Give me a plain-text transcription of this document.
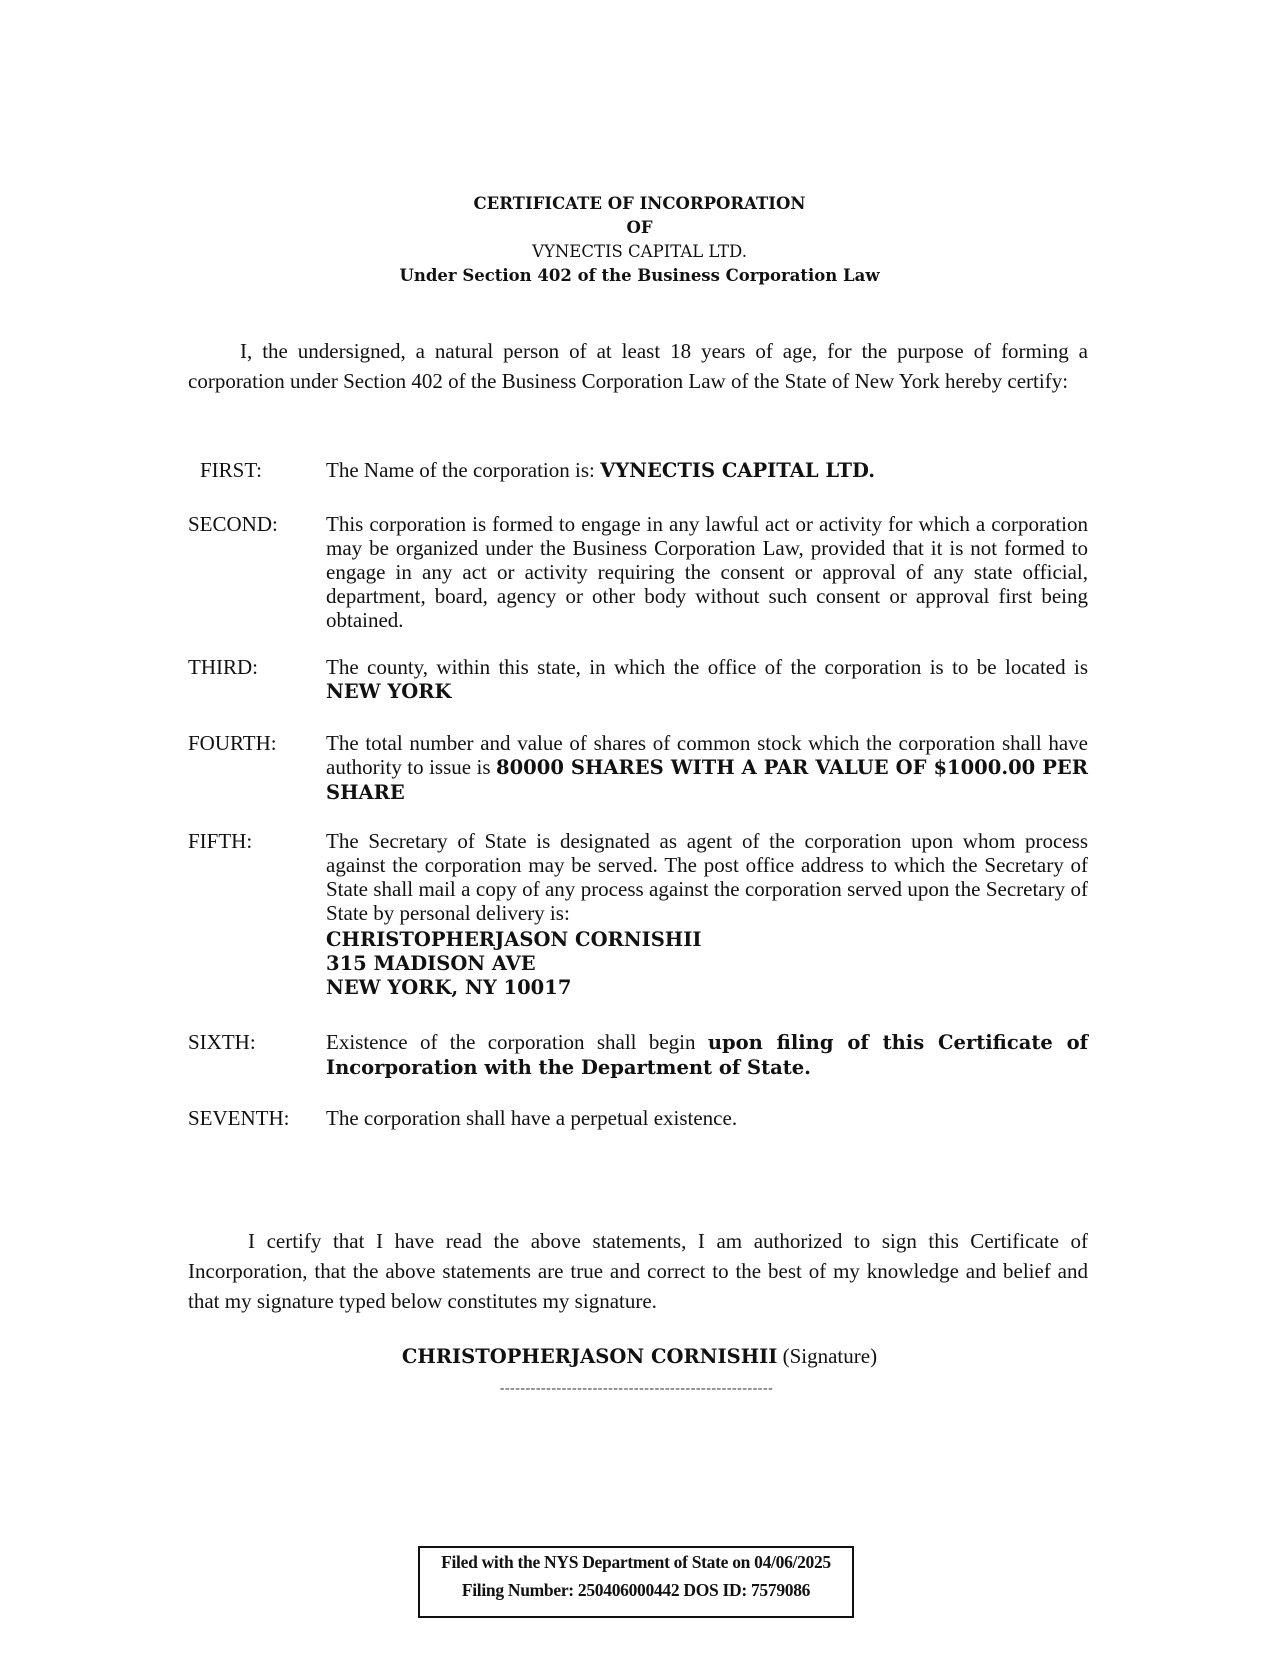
CERTIFICATE OF INCORPORATION
OF
VYNECTIS CAPITAL LTD.
Under Section 402 of the Business Corporation Law
I, the undersigned, a natural person of at least 18 years of age, for the purpose of forming a corporation under Section 402 of the Business Corporation Law of the State of New York hereby certify:
FIRST:	The Name of the corporation is: VYNECTIS CAPITAL LTD.
SECOND: This corporation is formed to engage in any lawful act or activity for which a corporation may be organized under the Business Corporation Law, provided that it is not formed to engage in any act or activity requiring the consent or approval of any state official, department, board, agency or other body without such consent or approval first being obtained.
THIRD:	The county, within this state, in which the office of the corporation is to be located is NEW YORK
FOURTH: The total number and value of shares of common stock which the corporation shall have authority to issue is 80000 SHARES WITH A PAR VALUE OF $1000.00 PER SHARE
FIFTH:	The Secretary of State is designated as agent of the corporation upon whom process against the corporation may be served. The post office address to which the Secretary of State shall mail a copy of any process against the corporation served upon the Secretary of State by personal delivery is:
CHRISTOPHERJASON CORNISHII
315 MADISON AVE
NEW YORK, NY 10017
SIXTH:	Existence of the corporation shall begin upon filing of this Certificate of Incorporation with the Department of State.
SEVENTH: The corporation shall have a perpetual existence.
I certify that I have read the above statements, I am authorized to sign this Certificate of Incorporation, that the above statements are true and correct to the best of my knowledge and belief and that my signature typed below constitutes my signature.
CHRISTOPHERJASON CORNISHII (Signature)
-----------------------------------------------------
Filed with the NYS Department of State on 04/06/2025
Filing Number: 250406000442 DOS ID: 7579086
